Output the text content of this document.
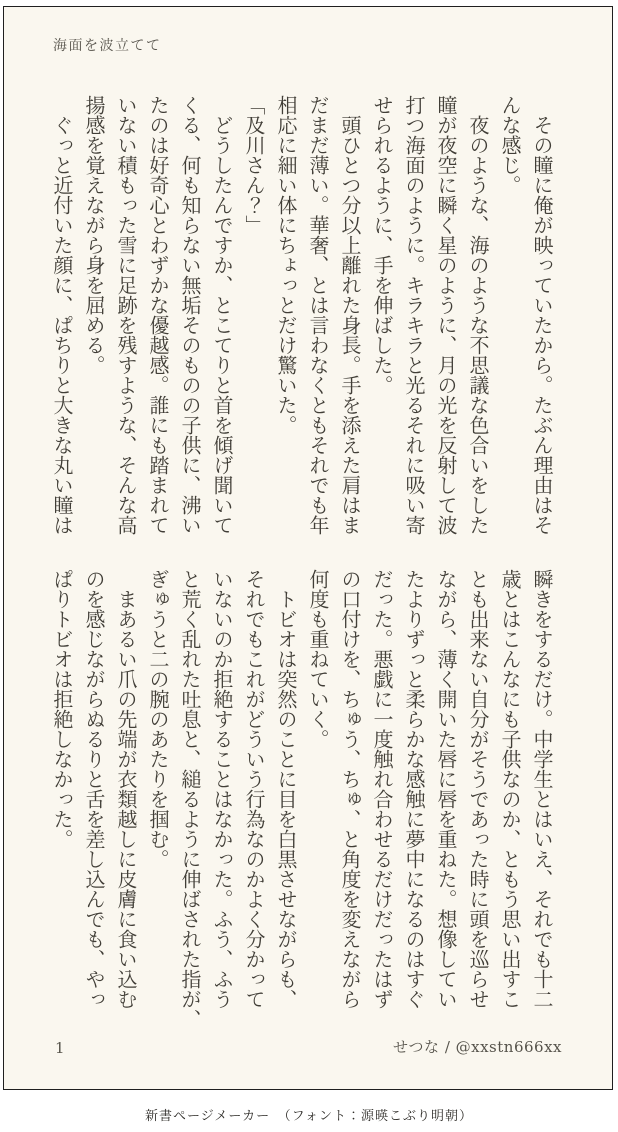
海面を波立てて

　その瞳に俺が映っていたから。たぶん理由はそ

んな感じ。

　夜のような、海のような不思議な色合いをした

瞳が夜空に瞬く星のように、月の光を反射して波

打つ海面のように。キラキラと光るそれに吸い寄

せられるように、手を伸ばした。

　頭ひとつ分以上離れた身長。手を添えた肩はま

だまだ薄い。華奢、とは言わなくともそれでも年

相応に細い体にちょっとだけ驚いた。

「及川さん？」

　どうしたんですか、とこてりと首を傾げ聞いて

くる、何も知らない無垢そのものの子供に、沸い

たのは好奇心とわずかな優越感。誰にも踏まれて

いない積もった雪に足跡を残すような、そんな高

揚感を覚えながら身を屈める。

　ぐっと近付いた顔に、ぱちりと大きな丸い瞳は

瞬きをするだけ。中学生とはいえ、それでも十二

歳とはこんなにも子供なのか、ともう思い出すこ

とも出来ない自分がそうであった時に頭を巡らせ

ながら、薄く開いた唇に唇を重ねた。想像してい

たよりずっと柔らかな感触に夢中になるのはすぐ

だった。悪戯に一度触れ合わせるだけだったはず

の口付けを、ちゅう、ちゅ、と角度を変えながら

何度も重ねていく。

　トビオは突然のことに目を白黒させながらも、

それでもこれがどういう行為なのかよく分かって

いないのか拒絶することはなかった。ふう、ふう

と荒く乱れた吐息と、縋るように伸ばされた指が、

ぎゅうと二の腕のあたりを掴む。

　まあるい爪の先端が衣類越しに皮膚に食い込む

のを感じながらぬるりと舌を差し込んでも、やっ

ぱりトビオは拒絶しなかった。

1	せつな / @xxstn666xx
新書ページメーカー　（フォント：源暎こぶり明朝）
